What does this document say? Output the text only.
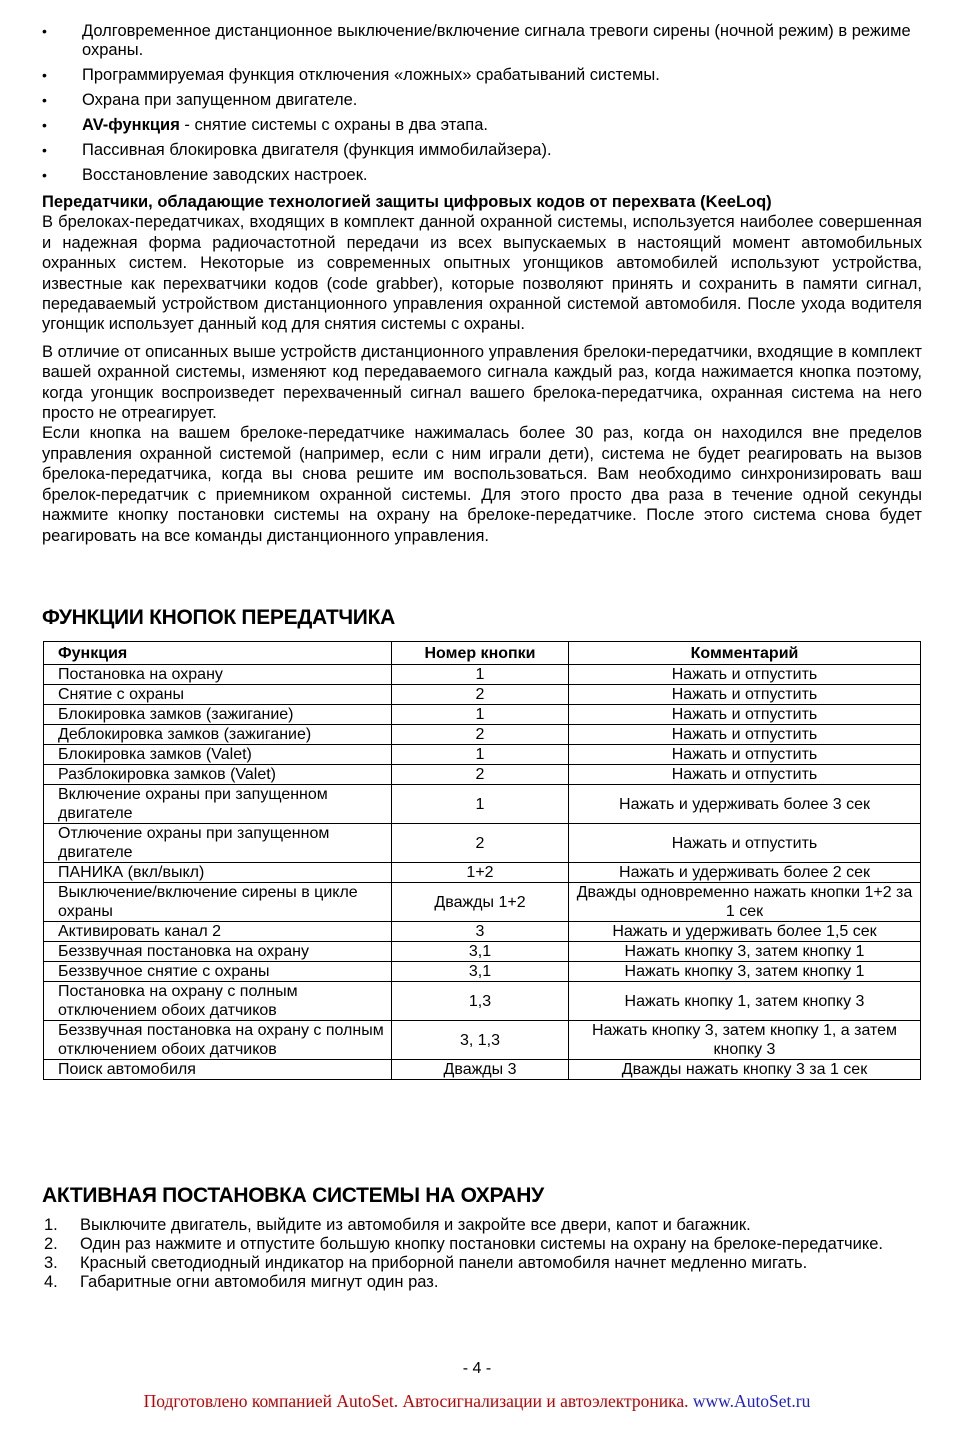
•	Долговременное дистанционное выключение/включение сигнала тревоги сирены (ночной режим) в режиме охраны.
•	Программируемая функция отключения «ложных» срабатываний системы.
•	Охрана при запущенном двигателе.
•	AV-функция - снятие системы с охраны в два этапа.
•	Пассивная блокировка двигателя (функция иммобилайзера).
•	Восстановление заводских настроек.

Передатчики, обладающие технологией защиты цифровых кодов от перехвата (KeeLoq)

В брелоках-передатчиках, входящих в комплект данной охранной системы, используется наиболее совершенная и надежная форма радиочастотной передачи из всех выпускаемых в настоящий момент автомобильных охранных систем. Некоторые из современных опытных угонщиков автомобилей используют устройства, известные как перехватчики кодов (code grabber), которые позволяют принять и сохранить в памяти сигнал, передаваемый устройством дистанционного управления охранной системой автомобиля. После ухода водителя угонщик использует данный код для снятия системы с охраны.

В отличие от описанных выше устройств дистанционного управления брелоки-передатчики, входящие в комплект вашей охранной системы, изменяют код передаваемого сигнала каждый раз, когда нажимается кнопка поэтому, когда угонщик воспроизведет перехваченный сигнал вашего брелока-передатчика, охранная система на него просто не отреагирует.

Если кнопка на вашем брелоке-передатчике нажималась более 30 раз, когда он находился вне пределов управления охранной системой (например, если с ним играли дети), система не будет реагировать на вызов брелока-передатчика, когда вы снова решите им воспользоваться. Вам необходимо синхронизировать ваш брелок-передатчик с приемником охранной системы. Для этого просто два раза в течение одной секунды нажмите кнопку постановки системы на охрану на брелоке-передатчике. После этого система снова будет реагировать на все команды дистанционного управления.

ФУНКЦИИ КНОПОК ПЕРЕДАТЧИКА
Функция	Номер кнопки	Комментарий
Постановка на охрану	1	Нажать и отпустить
Снятие с охраны	2	Нажать и отпустить
Блокировка замков (зажигание)	1	Нажать и отпустить
Деблокировка замков (зажигание)	2	Нажать и отпустить
Блокировка замков (Valet)	1	Нажать и отпустить
Разблокировка замков (Valet)	2	Нажать и отпустить
Включение охраны при запущенном двигателе	1	Нажать и удерживать более 3 сек
Отлючение охраны при запущенном двигателе	2	Нажать и отпустить
ПАНИКА (вкл/выкл)	1+2	Нажать и удерживать более 2 сек
Выключение/включение сирены в цикле охраны	Дважды 1+2	Дважды одновременно нажать кнопки 1+2 за 1 сек
Активировать канал 2	3	Нажать и удерживать более 1,5 сек
Беззвучная постановка на охрану	3,1	Нажать кнопку 3, затем кнопку 1
Беззвучное снятие с охраны	3,1	Нажать кнопку 3, затем кнопку 1
Постановка на охрану с полным отключением обоих датчиков	1,3	Нажать кнопку 1, затем кнопку 3
Беззвучная постановка на охрану с полным отключением обоих датчиков	3, 1,3	Нажать кнопку 3, затем кнопку 1, а затем кнопку 3
Поиск автомобиля	Дважды 3	Дважды нажать кнопку 3 за 1 сек
АКТИВНАЯ ПОСТАНОВКА СИСТЕМЫ НА ОХРАНУ
1. Выключите двигатель, выйдите из автомобиля и закройте все двери, капот и багажник.
2. Один раз нажмите и отпустите большую кнопку постановки системы на охрану на брелоке-передатчике.
3. Красный светодиодный индикатор на приборной панели автомобиля начнет медленно мигать.
4. Габаритные огни автомобиля мигнут один раз.
- 4 -
Подготовлено компанией AutoSet. Автосигнализации и автоэлектроника. www.AutoSet.ru
